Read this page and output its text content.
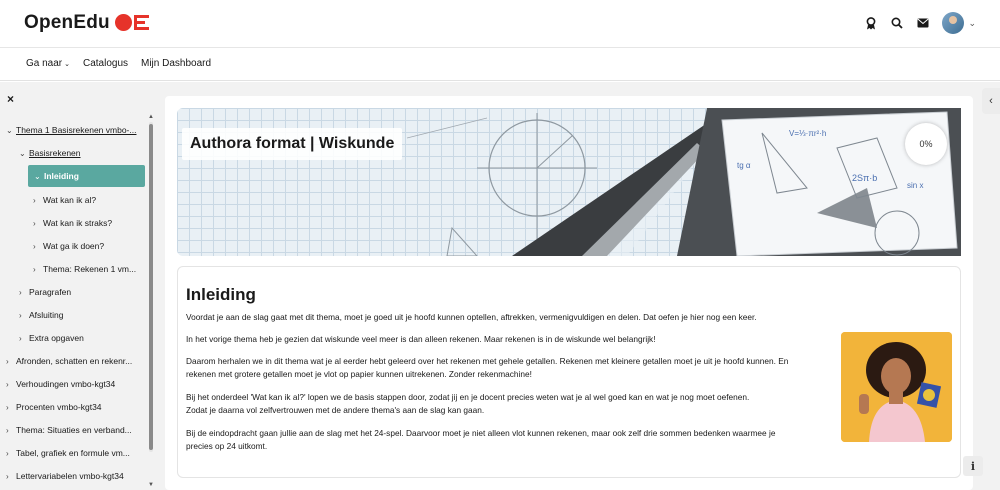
OpenEdu	⌄
Ga naar ⌄ Catalogus Mijn Dashboard
×
⌄ Thema 1 Basisrekenen vmbo-...
⌄ Basisrekenen
⌄ Inleiding
› Wat kan ik al?
› Wat kan ik straks?
› Wat ga ik doen?
› Thema: Rekenen 1 vm...
› Paragrafen
› Afsluiting
› Extra opgaven
› Afronden, schatten en rekenr...
› Verhoudingen vmbo-kgt34
› Procenten vmbo-kgt34
› Thema: Situaties en verband...
› Tabel, grafiek en formule vm...
› Lettervariabelen vmbo-kgt34
▲
▼
V=⅓·πr²·h
2Sπ·b
sin x
tg α
Authora format | Wiskunde	0%
Inleiding
Voordat je aan de slag gaat met dit thema, moet je goed uit je hoofd kunnen optellen, aftrekken, vermenigvuldigen en delen. Dat oefen je hier nog een keer.
In het vorige thema heb je gezien dat wiskunde veel meer is dan alleen rekenen. Maar rekenen is in de wiskunde wel belangrijk!
Daarom herhalen we in dit thema wat je al eerder hebt geleerd over het rekenen met gehele getallen. Rekenen met kleinere getallen moet je uit je hoofd kunnen. En
rekenen met grotere getallen moet je vlot op papier kunnen uitrekenen. Zonder rekenmachine!
Bij het onderdeel 'Wat kan ik al?' lopen we de basis stappen door, zodat jij en je docent precies weten wat je al wel goed kan en wat je nog moet oefenen.
Zodat je daarna vol zelfvertrouwen met de andere thema's aan de slag kan gaan.
Bij de eindopdracht gaan jullie aan de slag met het 24-spel. Daarvoor moet je niet alleen vlot kunnen rekenen, maar ook zelf drie sommen bedenken waarmee je
precies op 24 uitkomt.
‹
i
